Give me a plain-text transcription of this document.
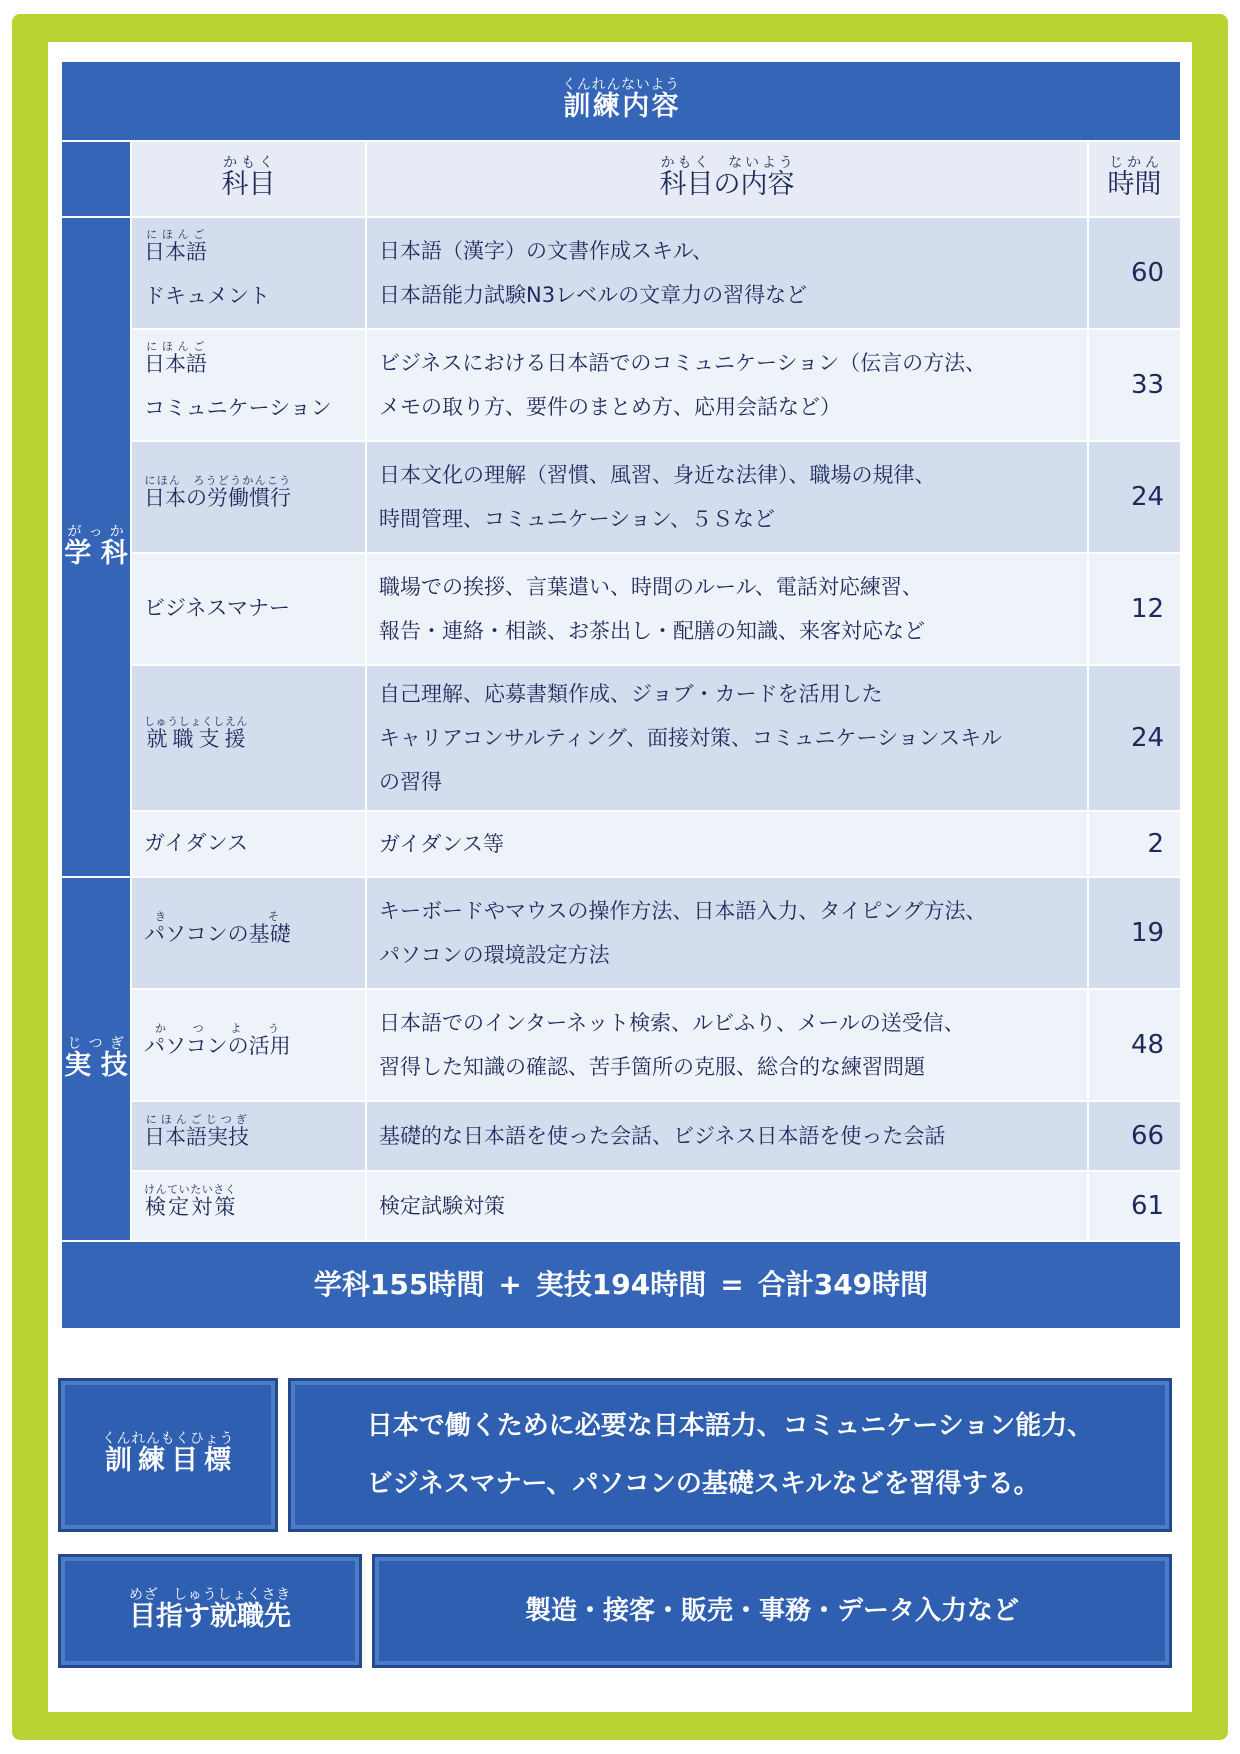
訓練内容くんれんないよう			
	科目かもく	科目の内容かもく　ないよう	時間じかん
学 科がっか	日本語にほんご
ドキュメント	日本語（漢字）の文書作成スキル、
日本語能力試験N3レベルの文章力の習得など	60
	日本語にほんご
コミュニケーション	ビジネスにおける日本語でのコミュニケーション（伝言の方法、
メモの取り方、要件のまとめ方、応用会話など）	33
	日本の労働慣行にほん　ろうどうかんこう	日本文化の理解（習慣、風習、身近な法律）、職場の規律、
時間管理、コミュニケーション、５Ｓなど	24
	ビジネスマナー	職場での挨拶、言葉遣い、時間のルール、電話対応練習、
報告・連絡・相談、お茶出し・配膳の知識、来客対応など	12
	就職支援しゅうしょくしえん	自己理解、応募書類作成、ジョブ・カードを活用した
キャリアコンサルティング、面接対策、コミュニケーションスキル
の習得	24
	ガイダンス	ガイダンス等	2
実 技じつぎ	パソコンの基礎きそ	キーボードやマウスの操作方法、日本語入力、タイピング方法、
パソコンの環境設定方法	19
	パソコンの活用かつよう	日本語でのインターネット検索、ルビふり、メールの送受信、
習得した知識の確認、苦手箇所の克服、総合的な練習問題	48
	日本語実技にほんごじつぎ	基礎的な日本語を使った会話、ビジネス日本語を使った会話	66
	検定対策けんていたいさく	検定試験対策	61
学科155時間 + 実技194時間 = 合計349時間			
訓練目標くんれんもくひょう	日本で働くために必要な日本語力、コミュニケーション能力、
ビジネスマナー、パソコンの基礎スキルなどを習得する。
目指す就職先めざ　しゅうしょくさき
製造・接客・販売・事務・データ入力など
